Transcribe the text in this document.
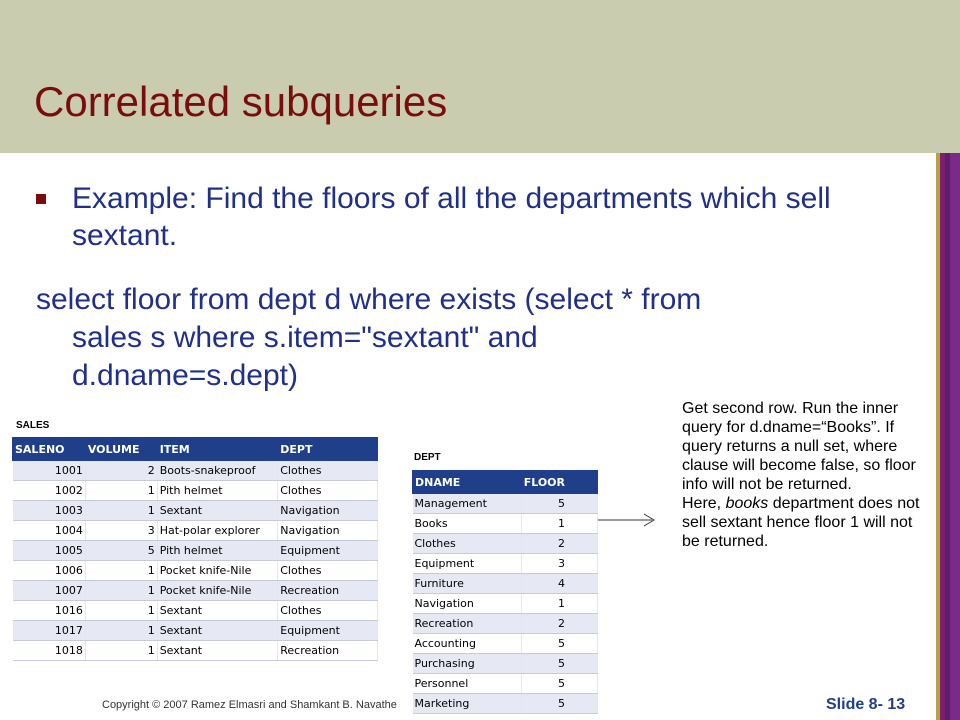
Correlated subqueries
Example: Find the floors of all the departments which sell sextant.
select floor from dept d where exists (select * from
sales s where s.item="sextant" and
d.dname=s.dept)
SALES
SALENO	VOLUME	ITEM	DEPT
1001	2	Boots-snakeproof	Clothes
1002	1	Pith helmet	Clothes
1003	1	Sextant	Navigation
1004	3	Hat-polar explorer	Navigation
1005	5	Pith helmet	Equipment
1006	1	Pocket knife-Nile	Clothes
1007	1	Pocket knife-Nile	Recreation
1016	1	Sextant	Clothes
1017	1	Sextant	Equipment
1018	1	Sextant	Recreation
DEPT
DNAME	FLOOR
Management	5
Books	1
Clothes	2
Equipment	3
Furniture	4
Navigation	1
Recreation	2
Accounting	5
Purchasing	5
Personnel	5
Marketing	5
Get second row. Run the inner query for d.dname=“Books”. If query returns a null set, where clause will become false, so floor info will not be returned.
Here, books department does not sell sextant hence floor 1 will not be returned.
Copyright © 2007 Ramez Elmasri and Shamkant B. Navathe	Slide 8- 13
